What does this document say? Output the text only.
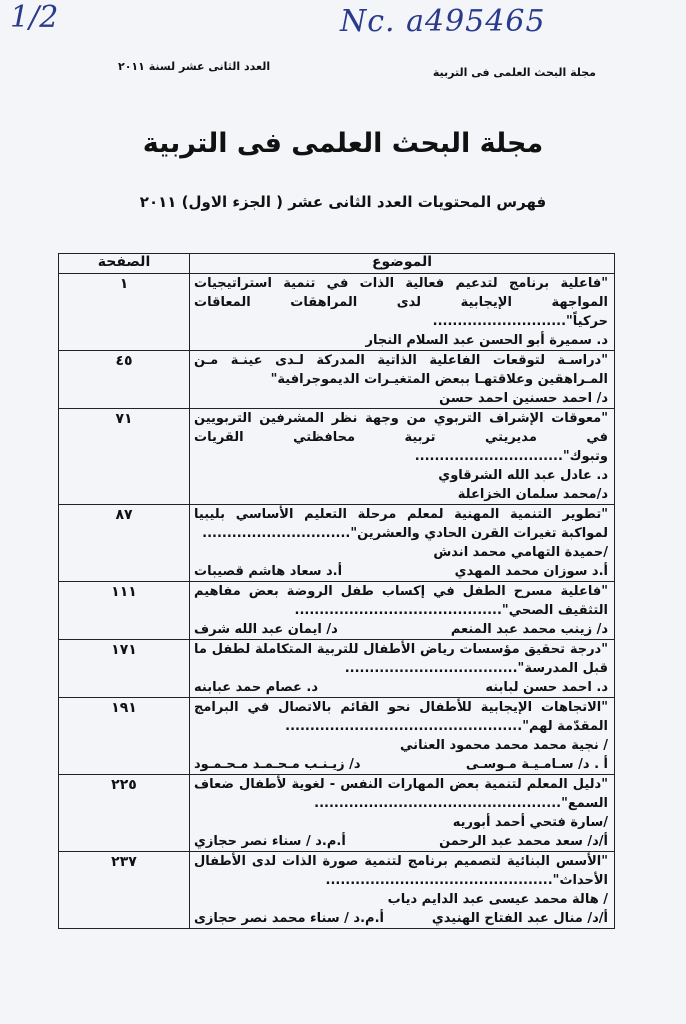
1/2	Nc. a495465
مجلة البحث العلمى فى التربية
العدد الثانى عشر لسنة ٢٠١١
مجلة البحث العلمى فى التربية
فهرس المحتويات العدد الثانى عشر ( الجزء الاول) ٢٠١١
الموضوع	الصفحة

"فاعلية برنامج لتدعيم فعالية الذات في تنمية استراتيجيات المواجهة الإيجابية لدى المراهقات المعاقات حركياً"...........................
د. سميرة أبو الحسن عبد السلام النجار	١

"دراسـة لتوقعات الفاعلية الذاتية المدركة لـدى عينـة مـن المـراهقين وعلاقتهـا ببعض المتغيـرات الديموجرافية"
د/ احمد حسنين احمد حسن	٤٥

"معوقات الإشراف التربوي من وجهة نظر المشرفين التربويين في مديريتي تربية محافظتي القريات وتبوك"..............................
د. عادل عبد الله الشرقاوي
د/محمد سلمان الخزاعلة	٧١

"تطوير التنمية المهنية لمعلم مرحلة التعليم الأساسي بليبيا لمواكبة تغيرات القرن الحادي والعشرين"..............................
/حميدة التهامي محمد اندش
أ.د سوزان محمد المهدي
أ.د سعاد هاشم قصيبات	٨٧

"فاعلية مسرح الطفل في إكساب طفل الروضة بعض مفاهيم التثقيف الصحي"..........................................
د/ زينب محمد عبد المنعم
د/ ايمان عبد الله شرف	١١١

"درجة تحقيق مؤسسات رياض الأطفال للتربية المتكاملة لطفل ما قبل المدرسة"...................................
د. احمد حسن لبابنه
د. عصام حمد عبابنه	١٧١

"الاتجاهات الإيجابية للأطفال نحو القائم بالاتصال في البرامج المقدّمة لهم"................................................
/ نجية محمد محمد محمود العناني
أ . د/ سـامـيـة مـوسـى
د/ زيـنـب مـحـمـد مـحـمـود	١٩١

"دليل المعلم لتنمية بعض المهارات النفس - لغوية لأطفال ضعاف السمع"..................................................
/سارة فتحي أحمد أبوريه
أ/د/ سعد محمد عبد الرحمن
أ.م.د / سناء نصر حجازي	٢٢٥

"الأسس البنائية لتصميم برنامج لتنمية صورة الذات لدى الأطفال الأحداث"..............................................
/ هالة محمد عيسى عبد الدايم دياب
أ/د/ منال عبد الفتاح الهنيدي
أ.م.د / سناء محمد نصر حجازى	٢٣٧
